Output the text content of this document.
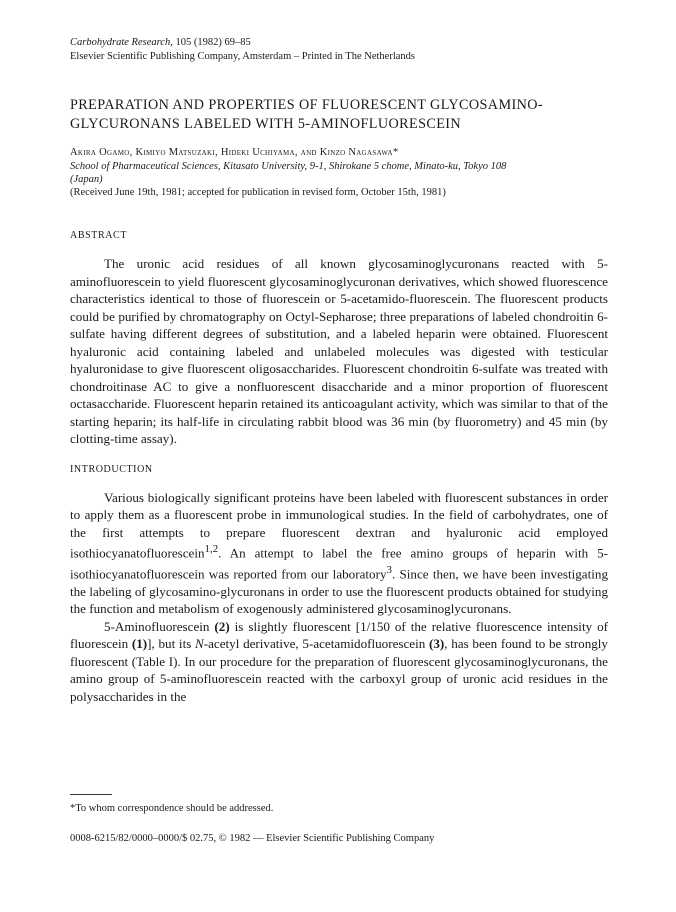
Carbohydrate Research, 105 (1982) 69–85
Elsevier Scientific Publishing Company, Amsterdam – Printed in The Netherlands
PREPARATION AND PROPERTIES OF FLUORESCENT GLYCOSAMINO-
GLYCURONANS LABELED WITH 5-AMINOFLUORESCEIN
Akira Ogamo, Kimiyo Matsuzaki, Hideki Uchiyama, and Kinzo Nagasawa*
School of Pharmaceutical Sciences, Kitasato University, 9-1, Shirokane 5 chome, Minato-ku, Tokyo 108
(Japan)
(Received June 19th, 1981; accepted for publication in revised form, October 15th, 1981)
ABSTRACT

The uronic acid residues of all known glycosaminoglycuronans reacted with 5-aminofluorescein to yield fluorescent glycosaminoglycuronan derivatives, which showed fluorescence characteristics identical to those of fluorescein or 5-acetamido-fluorescein. The fluorescent products could be purified by chromatography on Octyl-Sepharose; three preparations of labeled chondroitin 6-sulfate having different degrees of substitution, and a labeled heparin were obtained. Fluorescent hyaluronic acid containing labeled and unlabeled molecules was digested with testicular hyaluronidase to give fluorescent oligosaccharides. Fluorescent chondroitin 6-sulfate was treated with chondroitinase AC to give a nonfluorescent disaccharide and a minor proportion of fluorescent octasaccharide. Fluorescent heparin retained its anticoagulant activity, which was similar to that of the starting heparin; its half-life in circulating rabbit blood was 36 min (by fluorometry) and 45 min (by clotting-time assay).

INTRODUCTION

Various biologically significant proteins have been labeled with fluorescent substances in order to apply them as a fluorescent probe in immunological studies. In the field of carbohydrates, one of the first attempts to prepare fluorescent dextran and hyaluronic acid employed isothiocyanatofluorescein$^{1,2}$. An attempt to label the free amino groups of heparin with 5-isothiocyanatofluorescein was reported from our laboratory$^3$. Since then, we have been investigating the labeling of glycosamino-glycuronans in order to use the fluorescent products obtained for studying the function and metabolism of exogenously administered glycosaminoglycuronans.

5-Aminofluorescein (2) is slightly fluorescent [1/150 of the relative fluorescence intensity of fluorescein (1)], but its N-acetyl derivative, 5-acetamidofluorescein (3), has been found to be strongly fluorescent (Table I). In our procedure for the preparation of fluorescent glycosaminoglycuronans, the amino group of 5-aminofluorescein reacted with the carboxyl group of uronic acid residues in the polysaccharides in the

*To whom correspondence should be addressed.
0008-6215/82/0000–0000/$ 02.75, © 1982 — Elsevier Scientific Publishing Company
